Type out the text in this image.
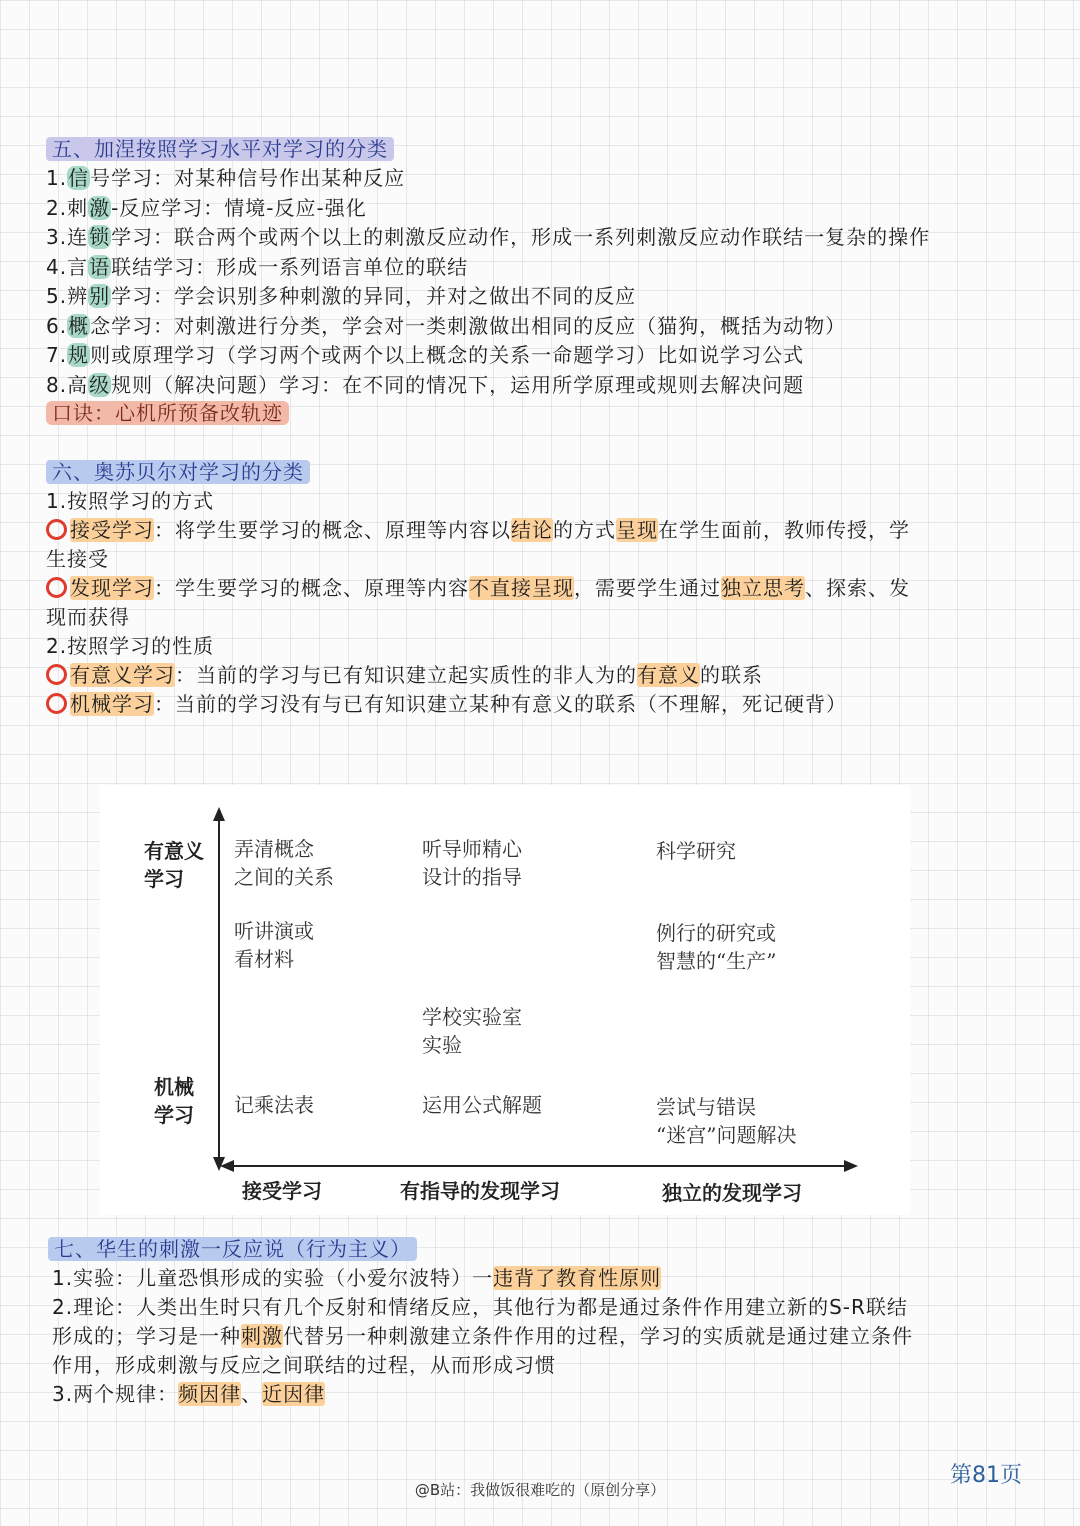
五、加涅按照学习水平对学习的分类
1.信号学习：对某种信号作出某种反应
2.刺激-反应学习：情境-反应-强化
3.连锁学习：联合两个或两个以上的刺激反应动作，形成一系列刺激反应动作联结一复杂的操作
4.言语联结学习：形成一系列语言单位的联结
5.辨别学习：学会识别多种刺激的异同，并对之做出不同的反应
6.概念学习：对刺激进行分类，学会对一类刺激做出相同的反应（猫狗，概括为动物）
7.规则或原理学习（学习两个或两个以上概念的关系一命题学习）比如说学习公式
8.高级规则（解决问题）学习：在不同的情况下，运用所学原理或规则去解决问题
口诀：心机所预备改轨迹
六、奥苏贝尔对学习的分类
1.按照学习的方式
接受学习：将学生要学习的概念、原理等内容以结论的方式呈现在学生面前，教师传授，学
生接受
发现学习：学生要学习的概念、原理等内容不直接呈现，需要学生通过独立思考、探索、发
现而获得
2.按照学习的性质
有意义学习：当前的学习与已有知识建立起实质性的非人为的有意义的联系
机械学习：当前的学习没有与已有知识建立某种有意义的联系（不理解，死记硬背）
有意义
学习
机械
学习
弄清概念
之间的关系
听导师精心
设计的指导
科学研究
听讲演或
看材料
例行的研究或
智慧的“生产”
学校实验室
实验
记乘法表	运用公式解题	尝试与错误
“迷宫”问题解决
接受学习	有指导的发现学习	独立的发现学习
七、华生的刺激一反应说（行为主义）
1.实验：儿童恐惧形成的实验（小爱尔波特）一违背了教育性原则
2.理论：人类出生时只有几个反射和情绪反应，其他行为都是通过条件作用建立新的S-R联结
形成的；学习是一种刺激代替另一种刺激建立条件作用的过程，学习的实质就是通过建立条件
作用，形成刺激与反应之间联结的过程，从而形成习惯
3.两个规律：频因律、近因律
第81页
@B站：我做饭很难吃的（原创分享）
